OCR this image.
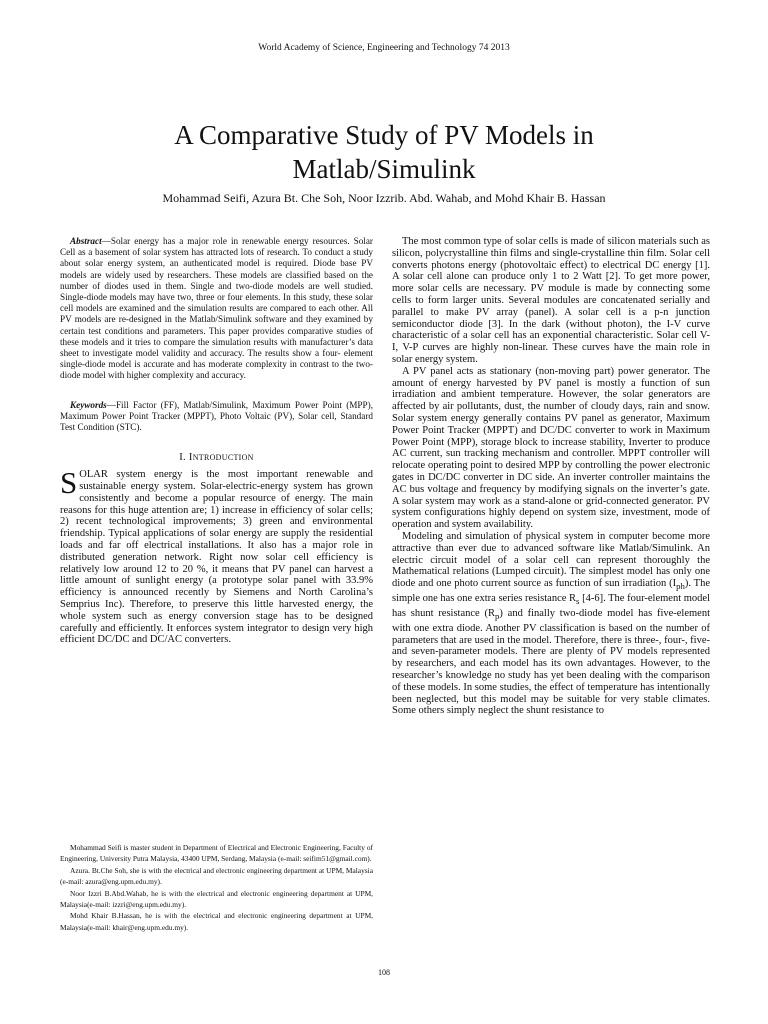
World Academy of Science, Engineering and Technology 74 2013
A Comparative Study of PV Models in Matlab/Simulink
Mohammad Seifi, Azura Bt. Che Soh, Noor Izzrib. Abd. Wahab, and Mohd Khair B. Hassan

Abstract—Solar energy has a major role in renewable energy resources. Solar Cell as a basement of solar system has attracted lots of research. To conduct a study about solar energy system, an authenticated model is required. Diode base PV models are widely used by researchers. These models are classified based on the number of diodes used in them. Single and two-diode models are well studied. Single-diode models may have two, three or four elements. In this study, these solar cell models are examined and the simulation results are compared to each other. All PV models are re-designed in the Matlab/Simulink software and they examined by certain test conditions and parameters. This paper provides comparative studies of these models and it tries to compare the simulation results with manufacturer’s data sheet to investigate model validity and accuracy. The results show a four- element single-diode model is accurate and has moderate complexity in contrast to the two-diode model with higher complexity and accuracy.

Keywords—Fill Factor (FF), Matlab/Simulink, Maximum Power Point (MPP), Maximum Power Point Tracker (MPPT), Photo Voltaic (PV), Solar cell, Standard Test Condition (STC).

I. INTRODUCTION

SOLAR system energy is the most important renewable and sustainable energy system. Solar-electric-energy system has grown consistently and become a popular resource of energy. The main reasons for this huge attention are; 1) increase in efficiency of solar cells; 2) recent technological improvements; 3) green and environmental friendship. Typical applications of solar energy are supply the residential loads and far off electrical installations. It also has a major role in distributed generation network. Right now solar cell efficiency is relatively low around 12 to 20 %, it means that PV panel can harvest a little amount of sunlight energy (a prototype solar panel with 33.9% efficiency is announced recently by Siemens and North Carolina’s Semprius Inc). Therefore, to preserve this little harvested energy, the whole system such as energy conversion stage has to be designed carefully and efficiently. It enforces system integrator to design very high efficient DC/DC and DC/AC converters.

Mohammad Seifi is master student in Department of Electrical and Electronic Engineering, Faculty of Engineering, University Putra Malaysia, 43400 UPM, Serdang, Malaysia (e-mail: seifim51@gmail.com).

Azura. Bt.Che Soh, she is with the electrical and electronic engineering department at UPM, Malaysia (e-mail: azura@eng.upm.edu.my).

Noor Izzri B.Abd.Wahab, he is with the electrical and electronic engineering department at UPM, Malaysia(e-mail: izzri@eng.upm.edu.my).

Mohd Khair B.Hassan, he is with the electrical and electronic engineering department at UPM, Malaysia(e-mail: khair@eng.upm.edu.my).

The most common type of solar cells is made of silicon materials such as silicon, polycrystalline thin films and single-crystalline thin film. Solar cell converts photons energy (photovoltaic effect) to electrical DC energy [1]. A solar cell alone can produce only 1 to 2 Watt [2]. To get more power, more solar cells are necessary. PV module is made by connecting some cells to form larger units. Several modules are concatenated serially and parallel to make PV array (panel). A solar cell is a p-n junction semiconductor diode [3]. In the dark (without photon), the I-V curve characteristic of a solar cell has an exponential characteristic. Solar cell V-I, V-P curves are highly non-linear. These curves have the main role in solar energy system.

A PV panel acts as stationary (non-moving part) power generator. The amount of energy harvested by PV panel is mostly a function of sun irradiation and ambient temperature. However, the solar generators are affected by air pollutants, dust, the number of cloudy days, rain and snow. Solar system energy generally contains PV panel as generator, Maximum Power Point Tracker (MPPT) and DC/DC converter to work in Maximum Power Point (MPP), storage block to increase stability, Inverter to produce AC current, sun tracking mechanism and controller. MPPT controller will relocate operating point to desired MPP by controlling the power electronic gates in DC/DC converter in DC side. An inverter controller maintains the AC bus voltage and frequency by modifying signals on the inverter’s gate. A solar system may work as a stand-alone or grid-connected generator. PV system configurations highly depend on system size, investment, mode of operation and system availability.

Modeling and simulation of physical system in computer become more attractive than ever due to advanced software like Matlab/Simulink. An electric circuit model of a solar cell can represent thoroughly the Mathematical relations (Lumped circuit). The simplest model has only one diode and one photo current source as function of sun irradiation $(I_{ph})$. The simple one has one extra series resistance $R_s$ [4-6]. The four-element model has shunt resistance $(R_p)$ and finally two-diode model has five-element with one extra diode. Another PV classification is based on the number of parameters that are used in the model. Therefore, there is three-, four-, five- and seven-parameter models. There are plenty of PV models represented by researchers, and each model has its own advantages. However, to the researcher’s knowledge no study has yet been dealing with the comparison of these models. In some studies, the effect of temperature has intentionally been neglected, but this model may be suitable for very stable climates. Some others simply neglect the shunt resistance to

108
